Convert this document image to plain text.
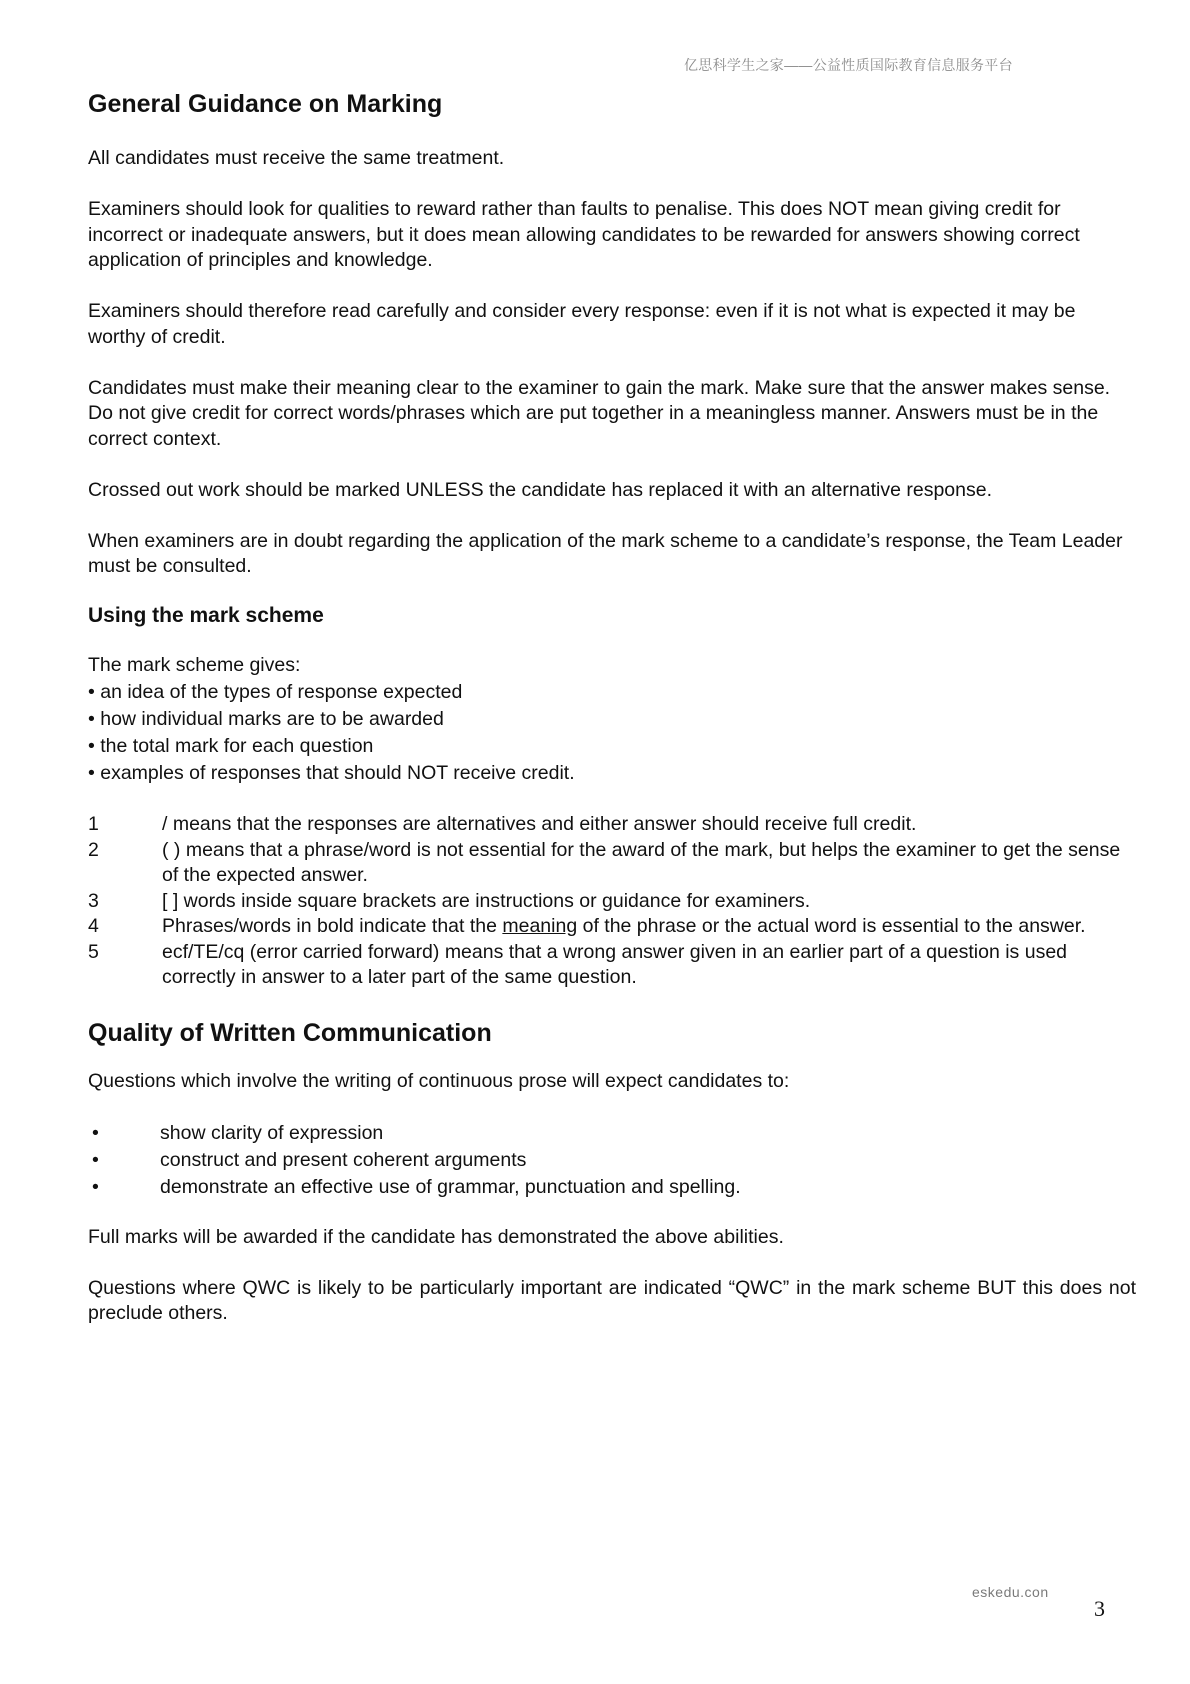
亿思科学生之家——公益性质国际教育信息服务平台
General Guidance on Marking

All candidates must receive the same treatment.

Examiners should look for qualities to reward rather than faults to penalise. This does NOT mean giving credit for incorrect or inadequate answers, but it does mean allowing candidates to be rewarded for answers showing correct application of principles and knowledge.

Examiners should therefore read carefully and consider every response: even if it is not what is expected it may be worthy of credit.

Candidates must make their meaning clear to the examiner to gain the mark. Make sure that the answer makes sense. Do not give credit for correct words/phrases which are put together in a meaningless manner. Answers must be in the correct context.

Crossed out work should be marked UNLESS the candidate has replaced it with an alternative response.

When examiners are in doubt regarding the application of the mark scheme to a candidate’s response, the Team Leader must be consulted.

Using the mark scheme

The mark scheme gives:

• an idea of the types of response expected
• how individual marks are to be awarded
• the total mark for each question
• examples of responses that should NOT receive credit.
1	/ means that the responses are alternatives and either answer should receive full credit.
2	( ) means that a phrase/word is not essential for the award of the mark, but helps the examiner to get the sense of the expected answer.
3	[ ] words inside square brackets are instructions or guidance for examiners.
4	Phrases/words in bold indicate that the meaning of the phrase or the actual word is essential to the answer.
5	ecf/TE/cq (error carried forward) means that a wrong answer given in an earlier part of a question is used correctly in answer to a later part of the same question.
Quality of Written Communication

Questions which involve the writing of continuous prose will expect candidates to:

•	show clarity of expression
•	construct and present coherent arguments
•	demonstrate an effective use of grammar, punctuation and spelling.

Full marks will be awarded if the candidate has demonstrated the above abilities.

Questions where QWC is likely to be particularly important are indicated “QWC” in the mark scheme BUT this does not preclude others.

eskedu.con
3
